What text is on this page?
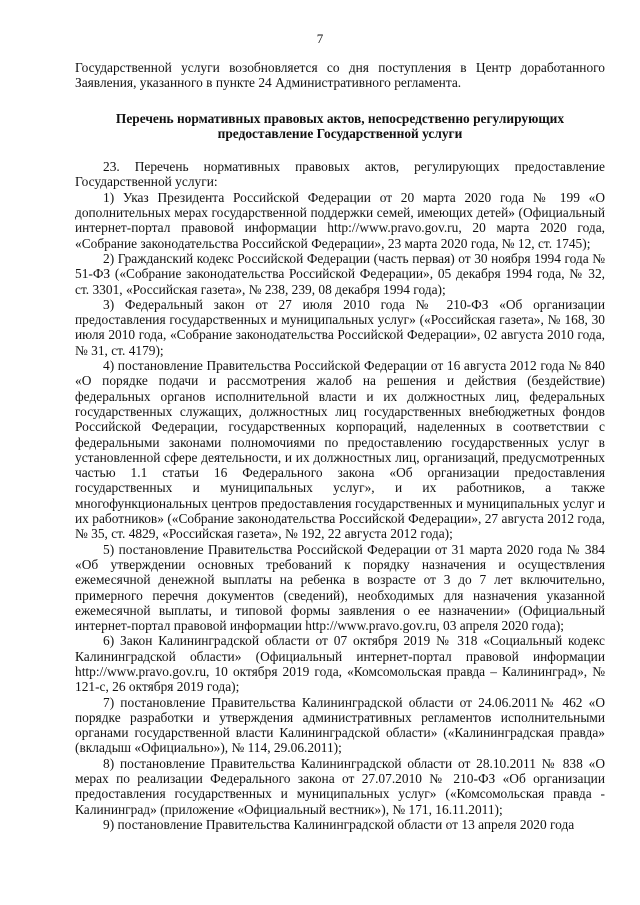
7

Государственной услуги возобновляется со дня поступления в Центр доработанного Заявления, указанного в пункте 24 Административного регламента.

Перечень нормативных правовых актов, непосредственно регулирующих предоставление Государственной услуги

23. Перечень нормативных правовых актов, регулирующих предоставление Государственной услуги:

1) Указ Президента Российской Федерации от 20 марта 2020 года № 199 «О дополнительных мерах государственной поддержки семей, имеющих детей» (Официальный интернет-портал правовой информации http://www.pravo.gov.ru, 20 марта 2020 года, «Собрание законодательства Российской Федерации», 23 марта 2020 года, № 12, ст. 1745);

2) Гражданский кодекс Российской Федерации (часть первая) от 30 ноября 1994 года № 51-ФЗ («Собрание законодательства Российской Федерации», 05 декабря 1994 года, № 32, ст. 3301, «Российская газета», № 238, 239, 08 декабря 1994 года);

3) Федеральный закон от 27 июля 2010 года № 210-ФЗ «Об организации предоставления государственных и муниципальных услуг» («Российская газета», № 168, 30 июля 2010 года, «Собрание законодательства Российской Федерации», 02 августа 2010 года, № 31, ст. 4179);

4) постановление Правительства Российской Федерации от 16 августа 2012 года № 840 «О порядке подачи и рассмотрения жалоб на решения и действия (бездействие) федеральных органов исполнительной власти и их должностных лиц, федеральных государственных служащих, должностных лиц государственных внебюджетных фондов Российской Федерации, государственных корпораций, наделенных в соответствии с федеральными законами полномочиями по предоставлению государственных услуг в установленной сфере деятельности, и их должностных лиц, организаций, предусмотренных частью 1.1 статьи 16 Федерального закона «Об организации предоставления государственных и муниципальных услуг», и их работников, а также многофункциональных центров предоставления государственных и муниципальных услуг и их работников» («Собрание законодательства Российской Федерации», 27 августа 2012 года, № 35, ст. 4829, «Российская газета», № 192, 22 августа 2012 года);

5) постановление Правительства Российской Федерации от 31 марта 2020 года № 384 «Об утверждении основных требований к порядку назначения и осуществления ежемесячной денежной выплаты на ребенка в возрасте от 3 до 7 лет включительно, примерного перечня документов (сведений), необходимых для назначения указанной ежемесячной выплаты, и типовой формы заявления о ее назначении» (Официальный интернет-портал правовой информации http://www.pravo.gov.ru, 03 апреля 2020 года);

6) Закон Калининградской области от 07 октября 2019 № 318 «Социальный кодекс Калининградской области» (Официальный интернет-портал правовой информации http://www.pravo.gov.ru, 10 октября 2019 года, «Комсомольская правда – Калининград», № 121-с, 26 октября 2019 года);

7) постановление Правительства Калининградской области от 24.06.2011№ 462 «О порядке разработки и утверждения административных регламентов исполнительными органами государственной власти Калининградской области» («Калининградская правда» (вкладыш «Официально»), № 114, 29.06.2011);

8) постановление Правительства Калининградской области от 28.10.2011 № 838 «О мерах по реализации Федерального закона от 27.07.2010 № 210-ФЗ «Об организации предоставления государственных и муниципальных услуг» («Комсомольская правда - Калининград» (приложение «Официальный вестник»), № 171, 16.11.2011);

9) постановление Правительства Калининградской области от 13 апреля 2020 года
